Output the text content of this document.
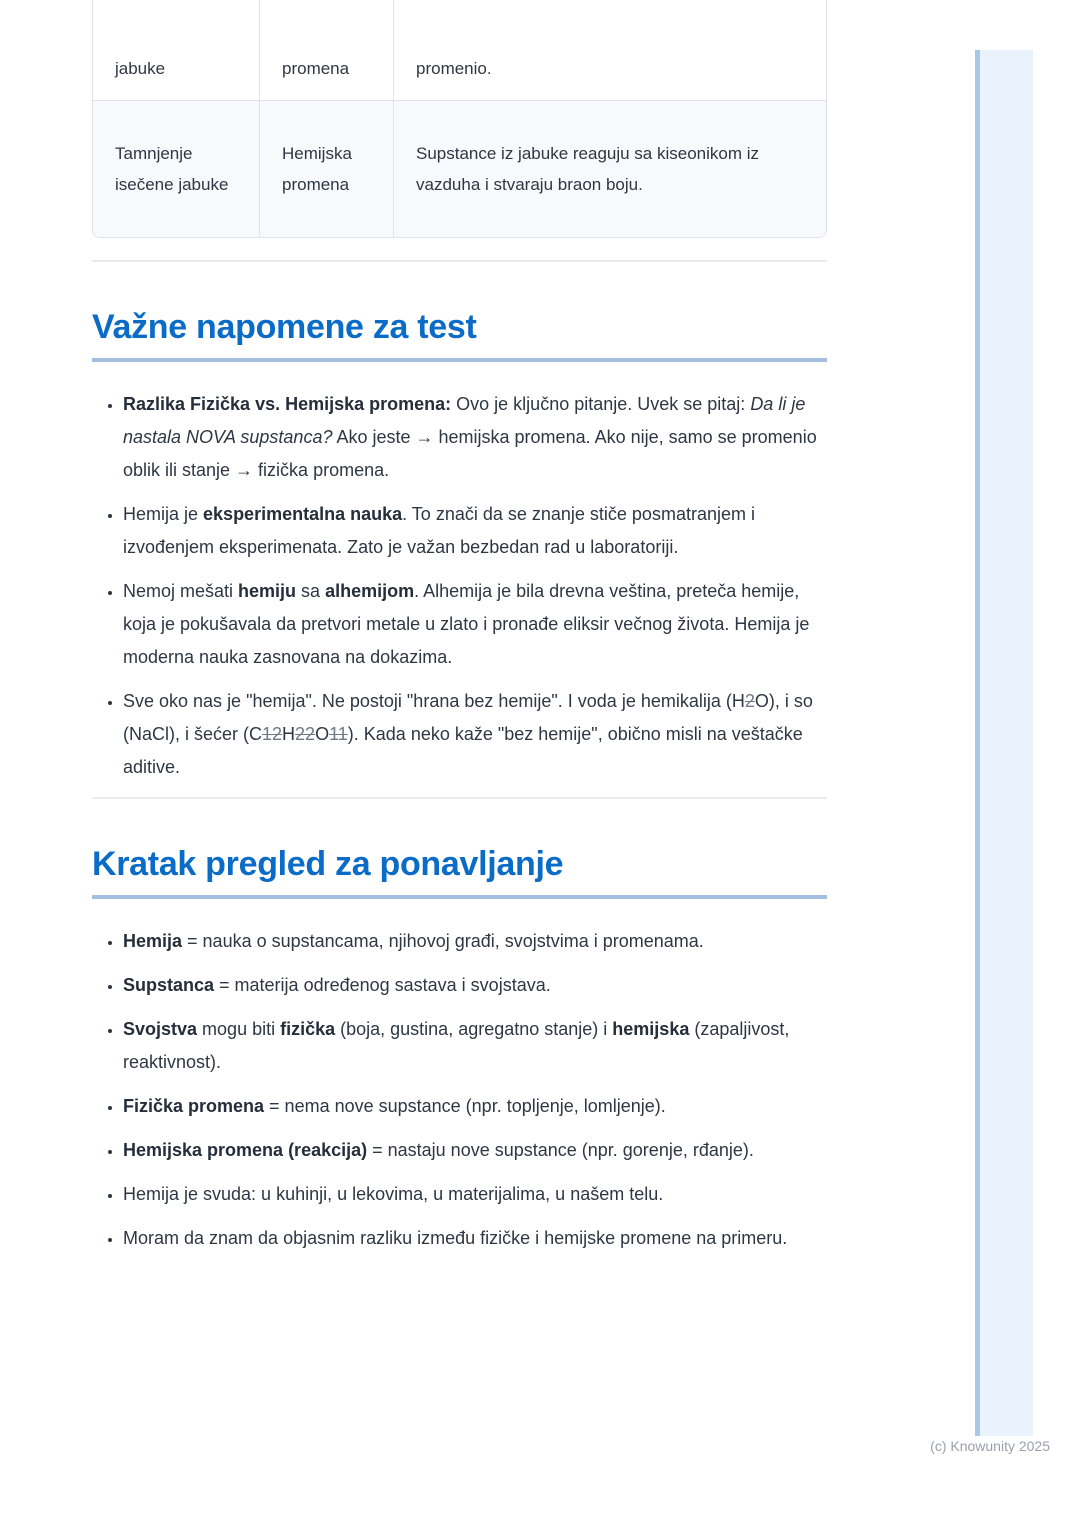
jabuke	promena	promenio.
Tamnjenje isečene jabuke
Hemijska promena
Supstance iz jabuke reaguju sa kiseonikom iz vazduha i stvaraju braon boju.
Važne napomene za test
• Razlika Fizička vs. Hemijska promena: Ovo je ključno pitanje. Uvek se pitaj: Da li je nastala NOVA supstanca? Ako jeste → hemijska promena. Ako nije, samo se promenio oblik ili stanje → fizička promena.
• Hemija je eksperimentalna nauka. To znači da se znanje stiče posmatranjem i izvođenjem eksperimenata. Zato je važan bezbedan rad u laboratoriji.
• Nemoj mešati hemiju sa alhemijom. Alhemija je bila drevna veština, preteča hemije, koja je pokušavala da pretvori metale u zlato i pronađe eliksir večnog života. Hemija je moderna nauka zasnovana na dokazima.
• Sve oko nas je "hemija". Ne postoji "hrana bez hemije". I voda je hemikalija (H2O), i so (NaCl), i šećer (C12H22O11). Kada neko kaže "bez hemije", obično misli na veštačke aditive.
Kratak pregled za ponavljanje
• Hemija = nauka o supstancama, njihovoj građi, svojstvima i promenama.
• Supstanca = materija određenog sastava i svojstava.
• Svojstva mogu biti fizička (boja, gustina, agregatno stanje) i hemijska (zapaljivost, reaktivnost).
• Fizička promena = nema nove supstance (npr. topljenje, lomljenje).
• Hemijska promena (reakcija) = nastaju nove supstance (npr. gorenje, rđanje).
• Hemija je svuda: u kuhinji, u lekovima, u materijalima, u našem telu.
• Moram da znam da objasnim razliku između fizičke i hemijske promene na primeru.
(c) Knowunity 2025
